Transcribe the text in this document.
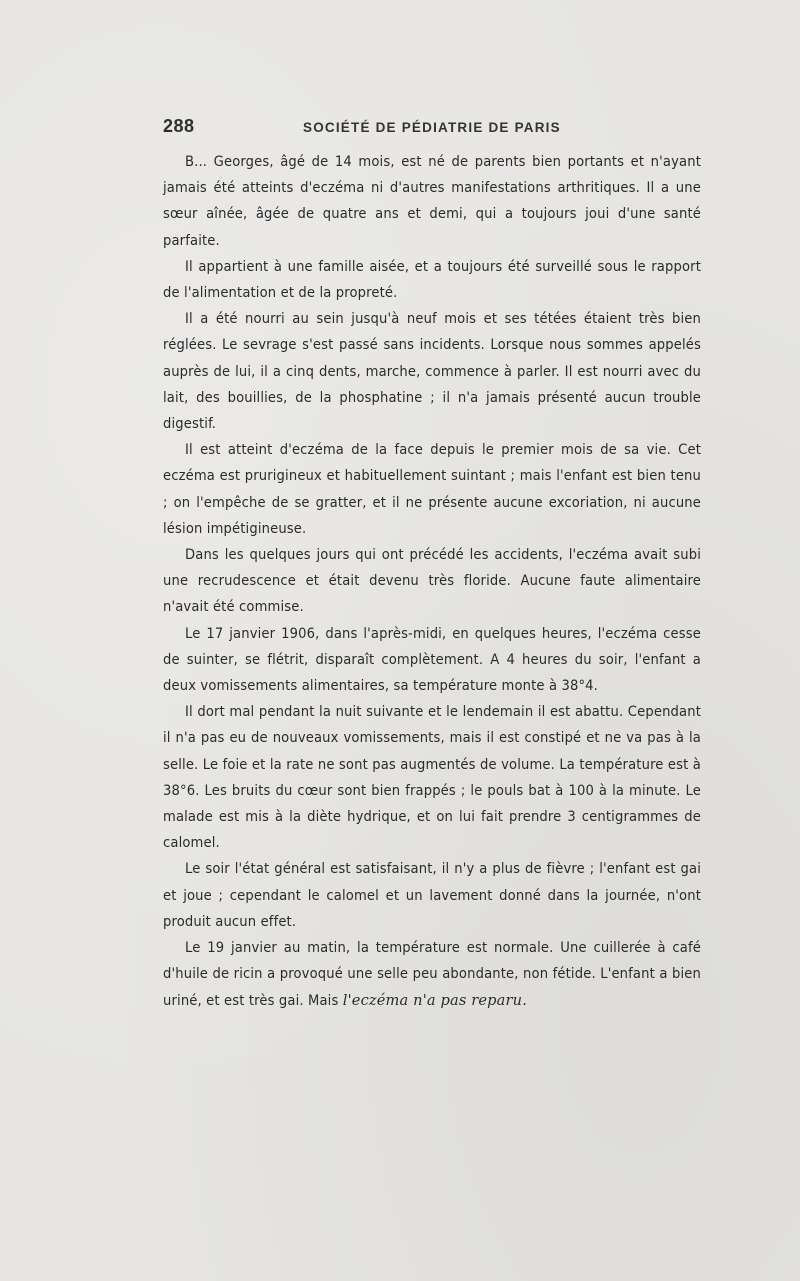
288	SOCIÉTÉ DE PÉDIATRIE DE PARIS

B... Georges, âgé de 14 mois, est né de parents bien portants et n'ayant jamais été atteints d'eczéma ni d'autres manifestations arthritiques. Il a une sœur aînée, âgée de quatre ans et demi, qui a toujours joui d'une santé parfaite.

Il appartient à une famille aisée, et a toujours été surveillé sous le rapport de l'alimentation et de la propreté.

Il a été nourri au sein jusqu'à neuf mois et ses tétées étaient très bien réglées. Le sevrage s'est passé sans incidents. Lorsque nous sommes appelés auprès de lui, il a cinq dents, marche, commence à parler. Il est nourri avec du lait, des bouillies, de la phosphatine ; il n'a jamais présenté aucun trouble digestif.

Il est atteint d'eczéma de la face depuis le premier mois de sa vie. Cet eczéma est prurigineux et habituellement suintant ; mais l'enfant est bien tenu ; on l'empêche de se gratter, et il ne présente aucune excoriation, ni aucune lésion impétigineuse.

Dans les quelques jours qui ont précédé les accidents, l'eczéma avait subi une recrudescence et était devenu très floride. Aucune faute alimentaire n'avait été commise.

Le 17 janvier 1906, dans l'après-midi, en quelques heures, l'eczéma cesse de suinter, se flétrit, disparaît complètement. A 4 heures du soir, l'enfant a deux vomissements alimentaires, sa température monte à 38°4.

Il dort mal pendant la nuit suivante et le lendemain il est abattu. Cependant il n'a pas eu de nouveaux vomissements, mais il est constipé et ne va pas à la selle. Le foie et la rate ne sont pas augmentés de volume. La température est à 38°6. Les bruits du cœur sont bien frappés ; le pouls bat à 100 à la minute. Le malade est mis à la diète hydrique, et on lui fait prendre 3 centigrammes de calomel.

Le soir l'état général est satisfaisant, il n'y a plus de fièvre ; l'enfant est gai et joue ; cependant le calomel et un lavement donné dans la journée, n'ont produit aucun effet.

Le 19 janvier au matin, la température est normale. Une cuillerée à café d'huile de ricin a provoqué une selle peu abondante, non fétide. L'enfant a bien uriné, et est très gai. Mais l'eczéma n'a pas reparu.
